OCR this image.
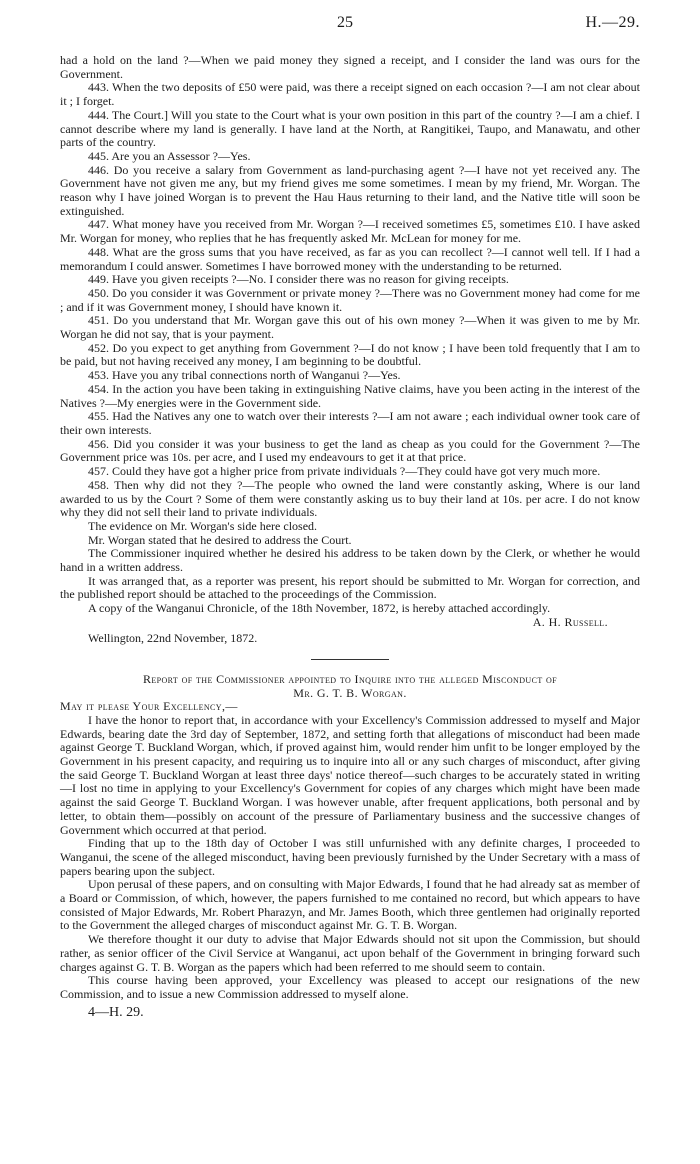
25	H.—29.

had a hold on the land ?—When we paid money they signed a receipt, and I consider the land was ours for the Government.

443. When the two deposits of £50 were paid, was there a receipt signed on each occasion ?—I am not clear about it ; I forget.

444. The Court.] Will you state to the Court what is your own position in this part of the country ?—I am a chief. I cannot describe where my land is generally. I have land at the North, at Rangitikei, Taupo, and Manawatu, and other parts of the country.

445. Are you an Assessor ?—Yes.

446. Do you receive a salary from Government as land-purchasing agent ?—I have not yet received any. The Government have not given me any, but my friend gives me some sometimes. I mean by my friend, Mr. Worgan. The reason why I have joined Worgan is to prevent the Hau Haus returning to their land, and the Native title will soon be extinguished.

447. What money have you received from Mr. Worgan ?—I received sometimes £5, sometimes £10. I have asked Mr. Worgan for money, who replies that he has frequently asked Mr. McLean for money for me.

448. What are the gross sums that you have received, as far as you can recollect ?—I cannot well tell. If I had a memorandum I could answer. Sometimes I have borrowed money with the understanding to be returned.

449. Have you given receipts ?—No. I consider there was no reason for giving receipts.

450. Do you consider it was Government or private money ?—There was no Government money had come for me ; and if it was Government money, I should have known it.

451. Do you understand that Mr. Worgan gave this out of his own money ?—When it was given to me by Mr. Worgan he did not say, that is your payment.

452. Do you expect to get anything from Government ?—I do not know ; I have been told frequently that I am to be paid, but not having received any money, I am beginning to be doubtful.

453. Have you any tribal connections north of Wanganui ?—Yes.

454. In the action you have been taking in extinguishing Native claims, have you been acting in the interest of the Natives ?—My energies were in the Government side.

455. Had the Natives any one to watch over their interests ?—I am not aware ; each individual owner took care of their own interests.

456. Did you consider it was your business to get the land as cheap as you could for the Government ?—The Government price was 10s. per acre, and I used my endeavours to get it at that price.

457. Could they have got a higher price from private individuals ?—They could have got very much more.

458. Then why did not they ?—The people who owned the land were constantly asking, Where is our land awarded to us by the Court ? Some of them were constantly asking us to buy their land at 10s. per acre. I do not know why they did not sell their land to private individuals.

The evidence on Mr. Worgan's side here closed.

Mr. Worgan stated that he desired to address the Court.

The Commissioner inquired whether he desired his address to be taken down by the Clerk, or whether he would hand in a written address.

It was arranged that, as a reporter was present, his report should be submitted to Mr. Worgan for correction, and the published report should be attached to the proceedings of the Commission.

A copy of the Wanganui Chronicle, of the 18th November, 1872, is hereby attached accordingly.

A. H. Russell.

Wellington, 22nd November, 1872.

Report of the Commissioner appointed to Inquire into the alleged Misconduct of
Mr. G. T. B. Worgan.

May it please Your Excellency,—

I have the honor to report that, in accordance with your Excellency's Commission addressed to myself and Major Edwards, bearing date the 3rd day of September, 1872, and setting forth that allegations of misconduct had been made against George T. Buckland Worgan, which, if proved against him, would render him unfit to be longer employed by the Government in his present capacity, and requiring us to inquire into all or any such charges of misconduct, after giving the said George T. Buckland Worgan at least three days' notice thereof—such charges to be accurately stated in writing—I lost no time in applying to your Excellency's Government for copies of any charges which might have been made against the said George T. Buckland Worgan. I was however unable, after frequent applications, both personal and by letter, to obtain them—possibly on account of the pressure of Parliamentary business and the successive changes of Government which occurred at that period.

Finding that up to the 18th day of October I was still unfurnished with any definite charges, I proceeded to Wanganui, the scene of the alleged misconduct, having been previously furnished by the Under Secretary with a mass of papers bearing upon the subject.

Upon perusal of these papers, and on consulting with Major Edwards, I found that he had already sat as member of a Board or Commission, of which, however, the papers furnished to me contained no record, but which appears to have consisted of Major Edwards, Mr. Robert Pharazyn, and Mr. James Booth, which three gentlemen had originally reported to the Government the alleged charges of misconduct against Mr. G. T. B. Worgan.

We therefore thought it our duty to advise that Major Edwards should not sit upon the Commission, but should rather, as senior officer of the Civil Service at Wanganui, act upon behalf of the Government in bringing forward such charges against G. T. B. Worgan as the papers which had been referred to me should seem to contain.

This course having been approved, your Excellency was pleased to accept our resignations of the new Commission, and to issue a new Commission addressed to myself alone.

4—H. 29.
